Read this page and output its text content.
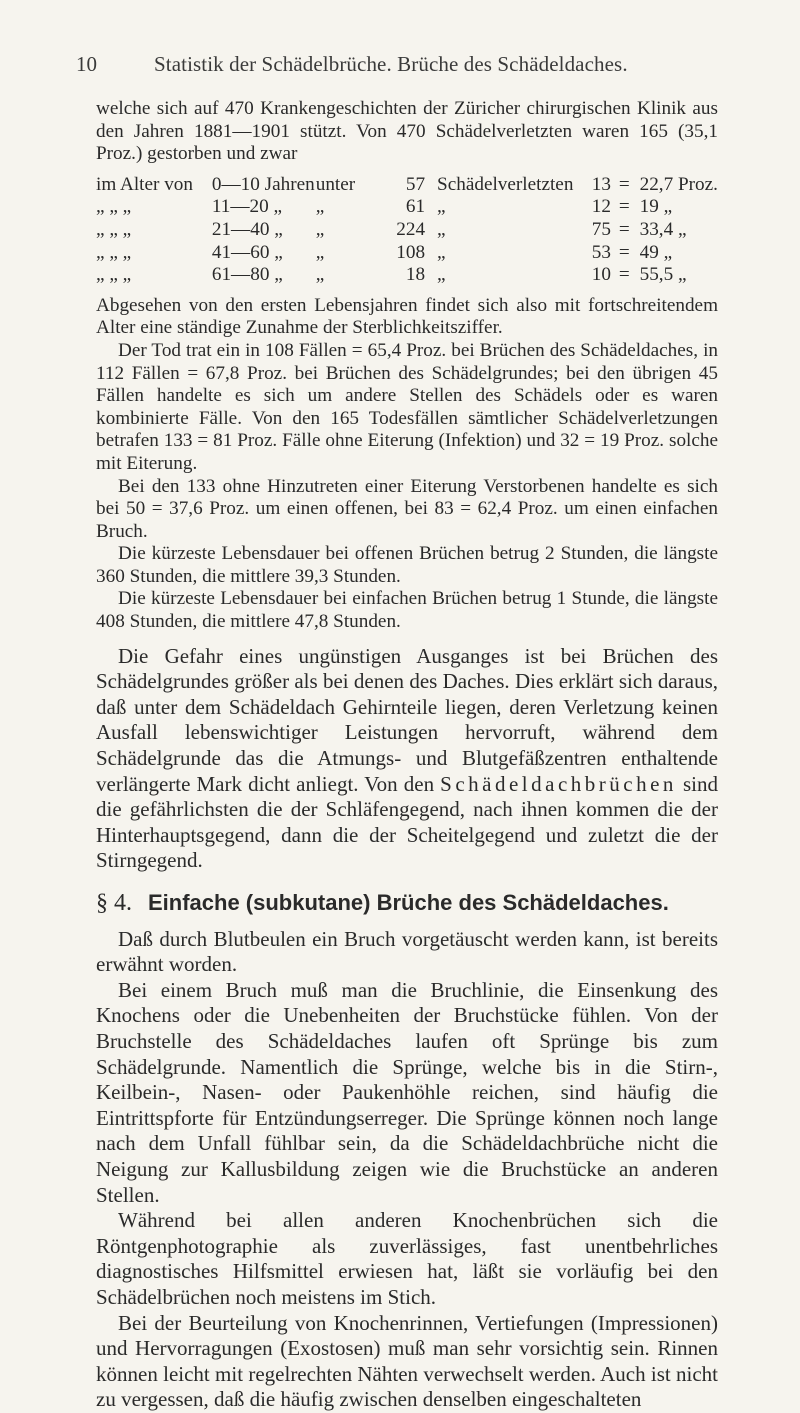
10	Statistik der Schädelbrüche. Brüche des Schädeldaches.

welche sich auf 470 Krankengeschichten der Züricher chirurgischen Klinik aus den Jahren 1881—1901 stützt. Von 470 Schädelverletzten waren 165 (35,1 Proz.) gestorben und zwar

im Alter von	0—10 Jahren	unter	57	Schädelverletzten	13	=	22,7 Proz.
„ „ „	11—20 „	„	61	„	12	=	19 „
„ „ „	21—40 „	„	224	„	75	=	33,4 „
„ „ „	41—60 „	„	108	„	53	=	49 „
„ „ „	61—80 „	„	18	„	10	=	55,5 „

Abgesehen von den ersten Lebensjahren findet sich also mit fortschreitendem Alter eine ständige Zunahme der Sterblichkeitsziffer.

Der Tod trat ein in 108 Fällen = 65,4 Proz. bei Brüchen des Schädeldaches, in 112 Fällen = 67,8 Proz. bei Brüchen des Schädelgrundes; bei den übrigen 45 Fällen handelte es sich um andere Stellen des Schädels oder es waren kombinierte Fälle. Von den 165 Todesfällen sämtlicher Schädelverletzungen betrafen 133 = 81 Proz. Fälle ohne Eiterung (Infektion) und 32 = 19 Proz. solche mit Eiterung.

Bei den 133 ohne Hinzutreten einer Eiterung Verstorbenen handelte es sich bei 50 = 37,6 Proz. um einen offenen, bei 83 = 62,4 Proz. um einen einfachen Bruch.

Die kürzeste Lebensdauer bei offenen Brüchen betrug 2 Stunden, die längste 360 Stunden, die mittlere 39,3 Stunden.

Die kürzeste Lebensdauer bei einfachen Brüchen betrug 1 Stunde, die längste 408 Stunden, die mittlere 47,8 Stunden.

Die Gefahr eines ungünstigen Ausganges ist bei Brüchen des Schädelgrundes größer als bei denen des Daches. Dies erklärt sich daraus, daß unter dem Schädeldach Gehirnteile liegen, deren Verletzung keinen Ausfall lebenswichtiger Leistungen hervorruft, während dem Schädelgrunde das die Atmungs- und Blutgefäßzentren enthaltende verlängerte Mark dicht anliegt. Von den Schädeldachbrüchen sind die gefährlichsten die der Schläfengegend, nach ihnen kommen die der Hinterhauptsgegend, dann die der Scheitelgegend und zuletzt die der Stirngegend.

§ 4. Einfache (subkutane) Brüche des Schädeldaches.

Daß durch Blutbeulen ein Bruch vorgetäuscht werden kann, ist bereits erwähnt worden.

Bei einem Bruch muß man die Bruchlinie, die Einsenkung des Knochens oder die Unebenheiten der Bruchstücke fühlen. Von der Bruchstelle des Schädeldaches laufen oft Sprünge bis zum Schädelgrunde. Namentlich die Sprünge, welche bis in die Stirn-, Keilbein-, Nasen- oder Paukenhöhle reichen, sind häufig die Eintrittspforte für Entzündungserreger. Die Sprünge können noch lange nach dem Unfall fühlbar sein, da die Schädeldachbrüche nicht die Neigung zur Kallusbildung zeigen wie die Bruchstücke an anderen Stellen.

Während bei allen anderen Knochenbrüchen sich die Röntgenphotographie als zuverlässiges, fast unentbehrliches diagnostisches Hilfsmittel erwiesen hat, läßt sie vorläufig bei den Schädelbrüchen noch meistens im Stich.

Bei der Beurteilung von Knochenrinnen, Vertiefungen (Impressionen) und Hervorragungen (Exostosen) muß man sehr vorsichtig sein. Rinnen können leicht mit regelrechten Nähten verwechselt werden. Auch ist nicht zu vergessen, daß die häufig zwischen denselben eingeschalteten
